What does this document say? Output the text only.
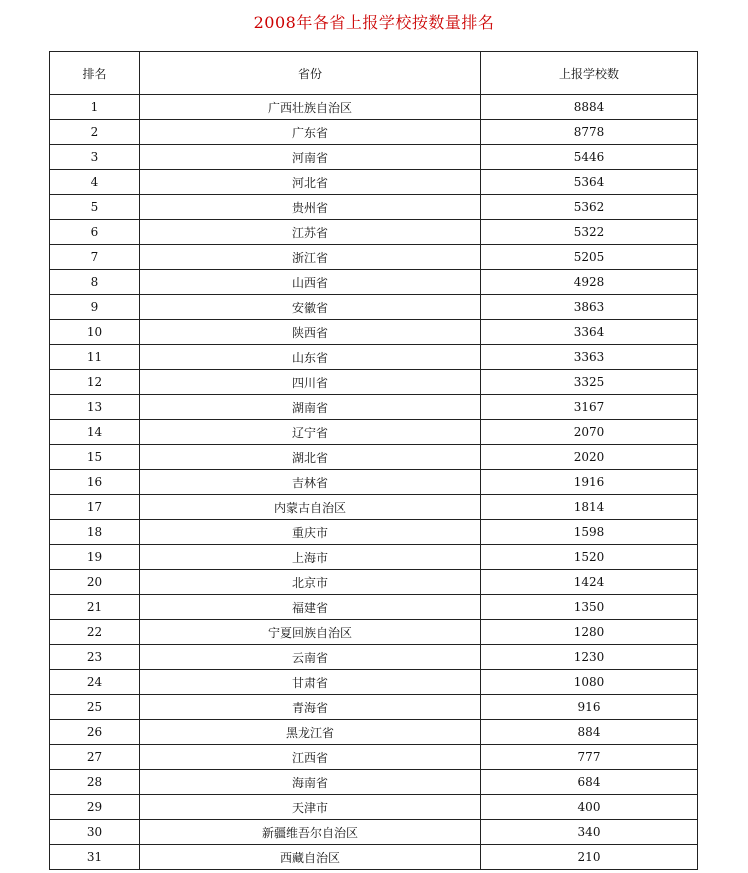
2008年各省上报学校按数量排名
排名	省份	上报学校数
1	广西壮族自治区	8884
2	广东省	8778
3	河南省	5446
4	河北省	5364
5	贵州省	5362
6	江苏省	5322
7	浙江省	5205
8	山西省	4928
9	安徽省	3863
10	陕西省	3364
11	山东省	3363
12	四川省	3325
13	湖南省	3167
14	辽宁省	2070
15	湖北省	2020
16	吉林省	1916
17	内蒙古自治区	1814
18	重庆市	1598
19	上海市	1520
20	北京市	1424
21	福建省	1350
22	宁夏回族自治区	1280
23	云南省	1230
24	甘肃省	1080
25	青海省	916
26	黑龙江省	884
27	江西省	777
28	海南省	684
29	天津市	400
30	新疆维吾尔自治区	340
31	西藏自治区	210
